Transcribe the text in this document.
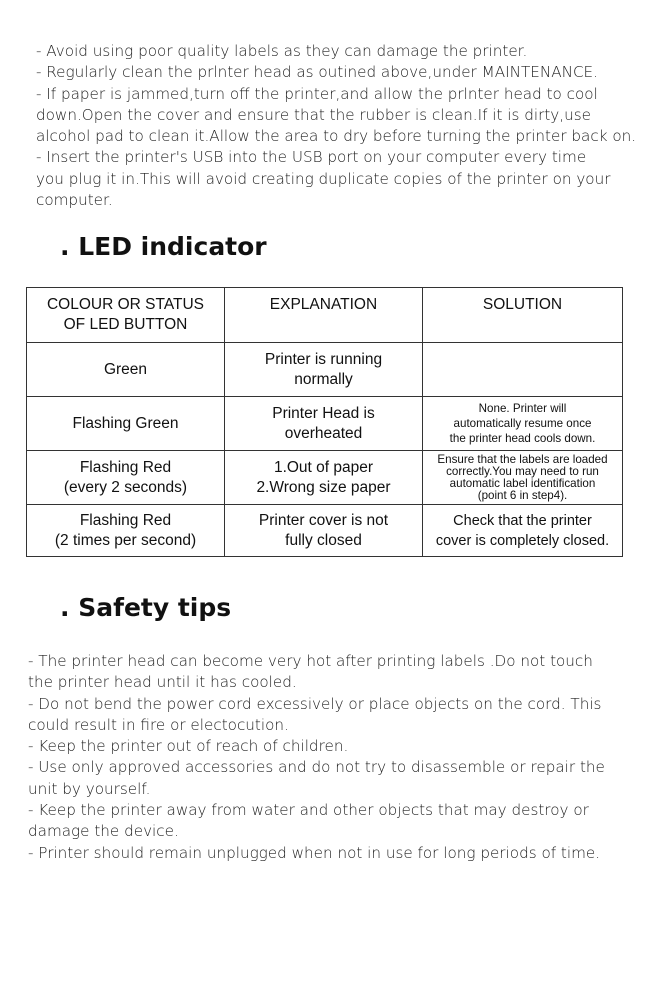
- Avoid using poor quality labels as they can damage the printer.
- Regularly clean the prlnter head as outined above,under MAINTENANCE.
- If paper is jammed,turn off the printer,and allow the prlnter head to cool
down.Open the cover and ensure that the rubber is clean.If it is dirty,use
alcohol pad to clean it.Allow the area to dry before turning the printer back on.
- Insert the printer's USB into the USB port on your computer every time
you plug it in.This will avoid creating duplicate copies of the printer on your
computer.
. LED indicator
COLOUR OR STATUS
OF LED BUTTON	EXPLANATION	SOLUTION

Green	Printer is running
normally	

Flashing Green	Printer Head is
overheated	None. Printer will
automatically resume once
the printer head cools down.

Flashing Red
(every 2 seconds)	1.Out of paper
2.Wrong size paper	Ensure that the labels are loaded
correctly.You may need to run
automatic label identification
(point 6 in step4).

Flashing Red
(2 times per second)	Printer cover is not
fully closed	Check that the printer
cover is completely closed.
. Safety tips
- The printer head can become very hot after printing labels .Do not touch
the printer head until it has cooled.
- Do not bend the power cord excessively or place objects on the cord. This
could result in fire or electocution.
- Keep the printer out of reach of children.
- Use only approved accessories and do not try to disassemble or repair the
unit by yourself.
- Keep the printer away from water and other objects that may destroy or
damage the device.
- Printer should remain unplugged when not in use for long periods of time.
